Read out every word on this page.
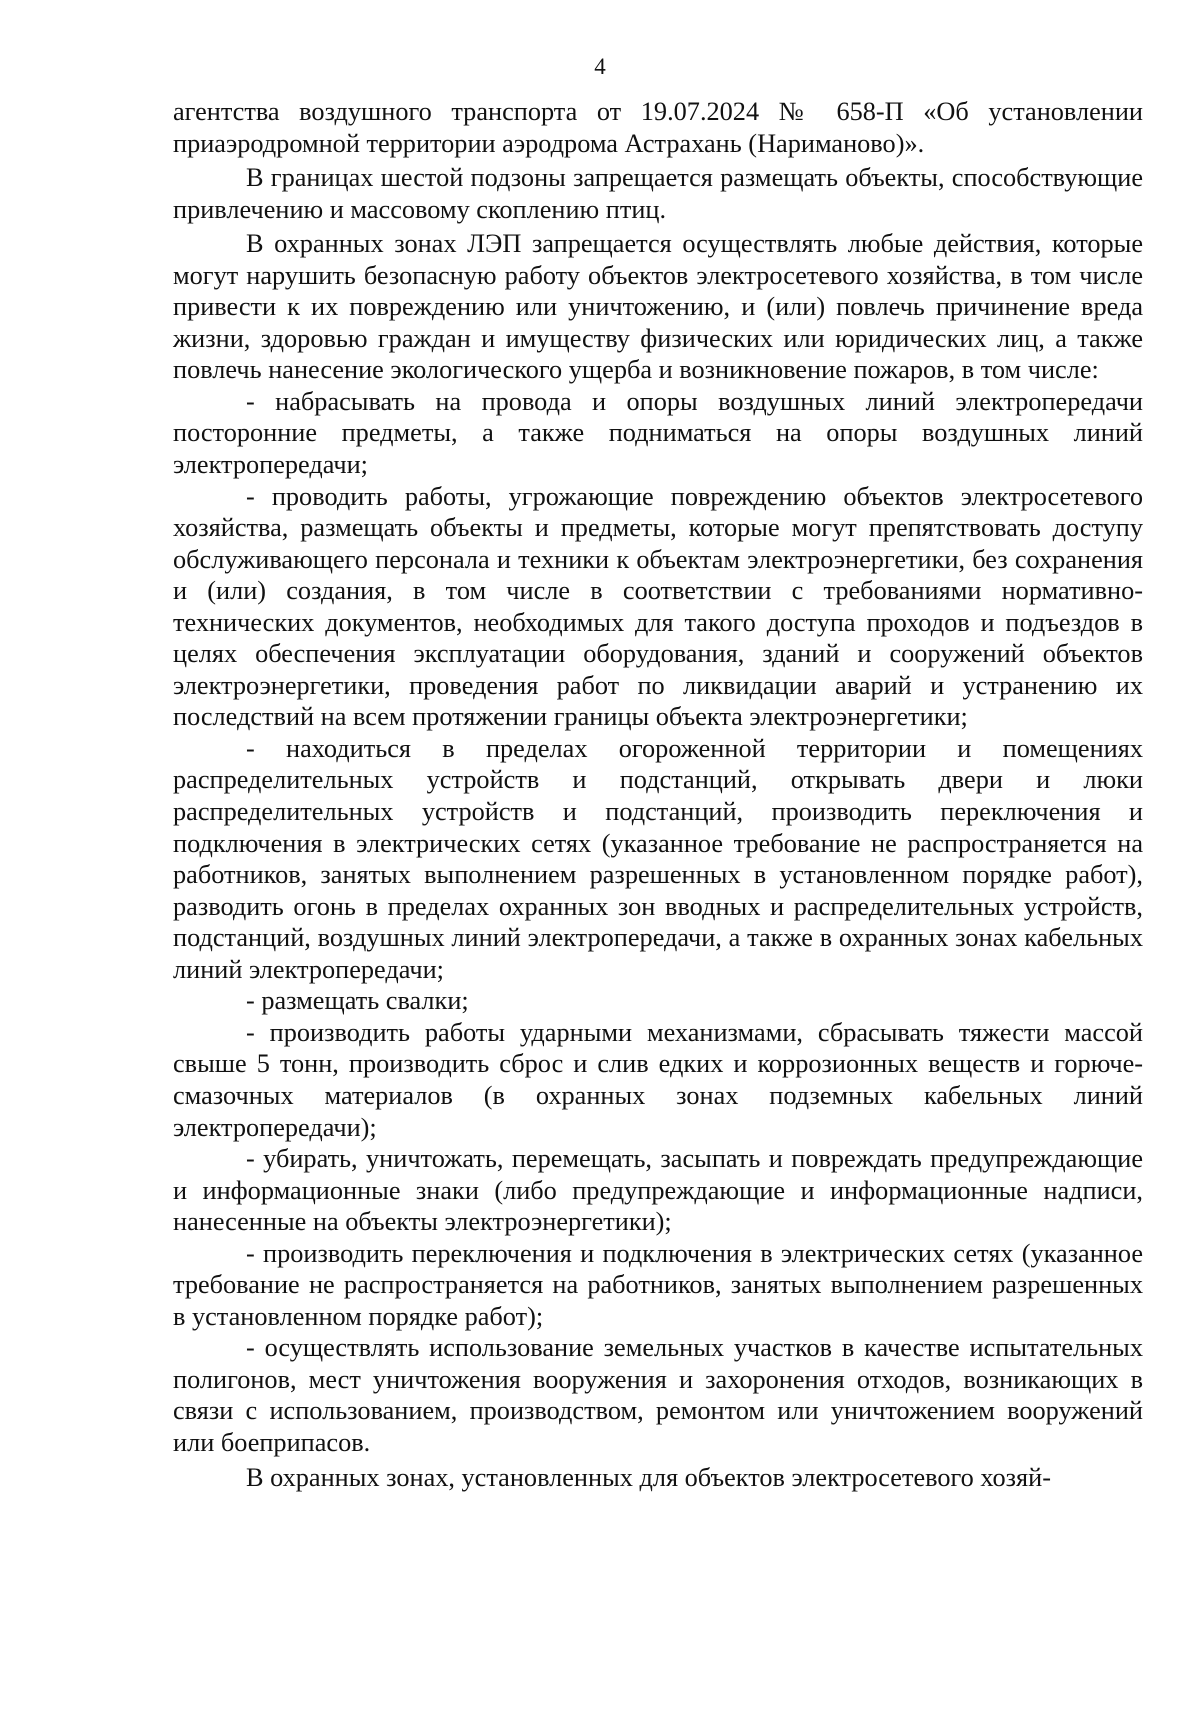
4

агентства воздушного транспорта от 19.07.2024 № 658-П «Об установлении приаэродромной территории аэродрома Астрахань (Нариманово)».

В границах шестой подзоны запрещается размещать объекты, способствующие привлечению и массовому скоплению птиц.

В охранных зонах ЛЭП запрещается осуществлять любые действия, которые могут нарушить безопасную работу объектов электросетевого хозяйства, в том числе привести к их повреждению или уничтожению, и (или) повлечь причинение вреда жизни, здоровью граждан и имуществу физических или юридических лиц, а также повлечь нанесение экологического ущерба и возникновение пожаров, в том числе:

- набрасывать на провода и опоры воздушных линий электропередачи посторонние предметы, а также подниматься на опоры воздушных линий электропередачи;

- проводить работы, угрожающие повреждению объектов электросетевого хозяйства, размещать объекты и предметы, которые могут препятствовать доступу обслуживающего персонала и техники к объектам электроэнергетики, без сохранения и (или) создания, в том числе в соответствии с требованиями нормативно-технических документов, необходимых для такого доступа проходов и подъездов в целях обеспечения эксплуатации оборудования, зданий и сооружений объектов электроэнергетики, проведения работ по ликвидации аварий и устранению их последствий на всем протяжении границы объекта электроэнергетики;

- находиться в пределах огороженной территории и помещениях распределительных устройств и подстанций, открывать двери и люки распределительных устройств и подстанций, производить переключения и подключения в электрических сетях (указанное требование не распространяется на работников, занятых выполнением разрешенных в установленном порядке работ), разводить огонь в пределах охранных зон вводных и распределительных устройств, подстанций, воздушных линий электропередачи, а также в охранных зонах кабельных линий электропередачи;

- размещать свалки;

- производить работы ударными механизмами, сбрасывать тяжести массой свыше 5 тонн, производить сброс и слив едких и коррозионных веществ и горюче-смазочных материалов (в охранных зонах подземных кабельных линий электропередачи);

- убирать, уничтожать, перемещать, засыпать и повреждать предупреждающие и информационные знаки (либо предупреждающие и информационные надписи, нанесенные на объекты электроэнергетики);

- производить переключения и подключения в электрических сетях (указанное требование не распространяется на работников, занятых выполнением разрешенных в установленном порядке работ);

- осуществлять использование земельных участков в качестве испытательных полигонов, мест уничтожения вооружения и захоронения отходов, возникающих в связи с использованием, производством, ремонтом или уничтожением вооружений или боеприпасов.

В охранных зонах, установленных для объектов электросетевого хозяй-
